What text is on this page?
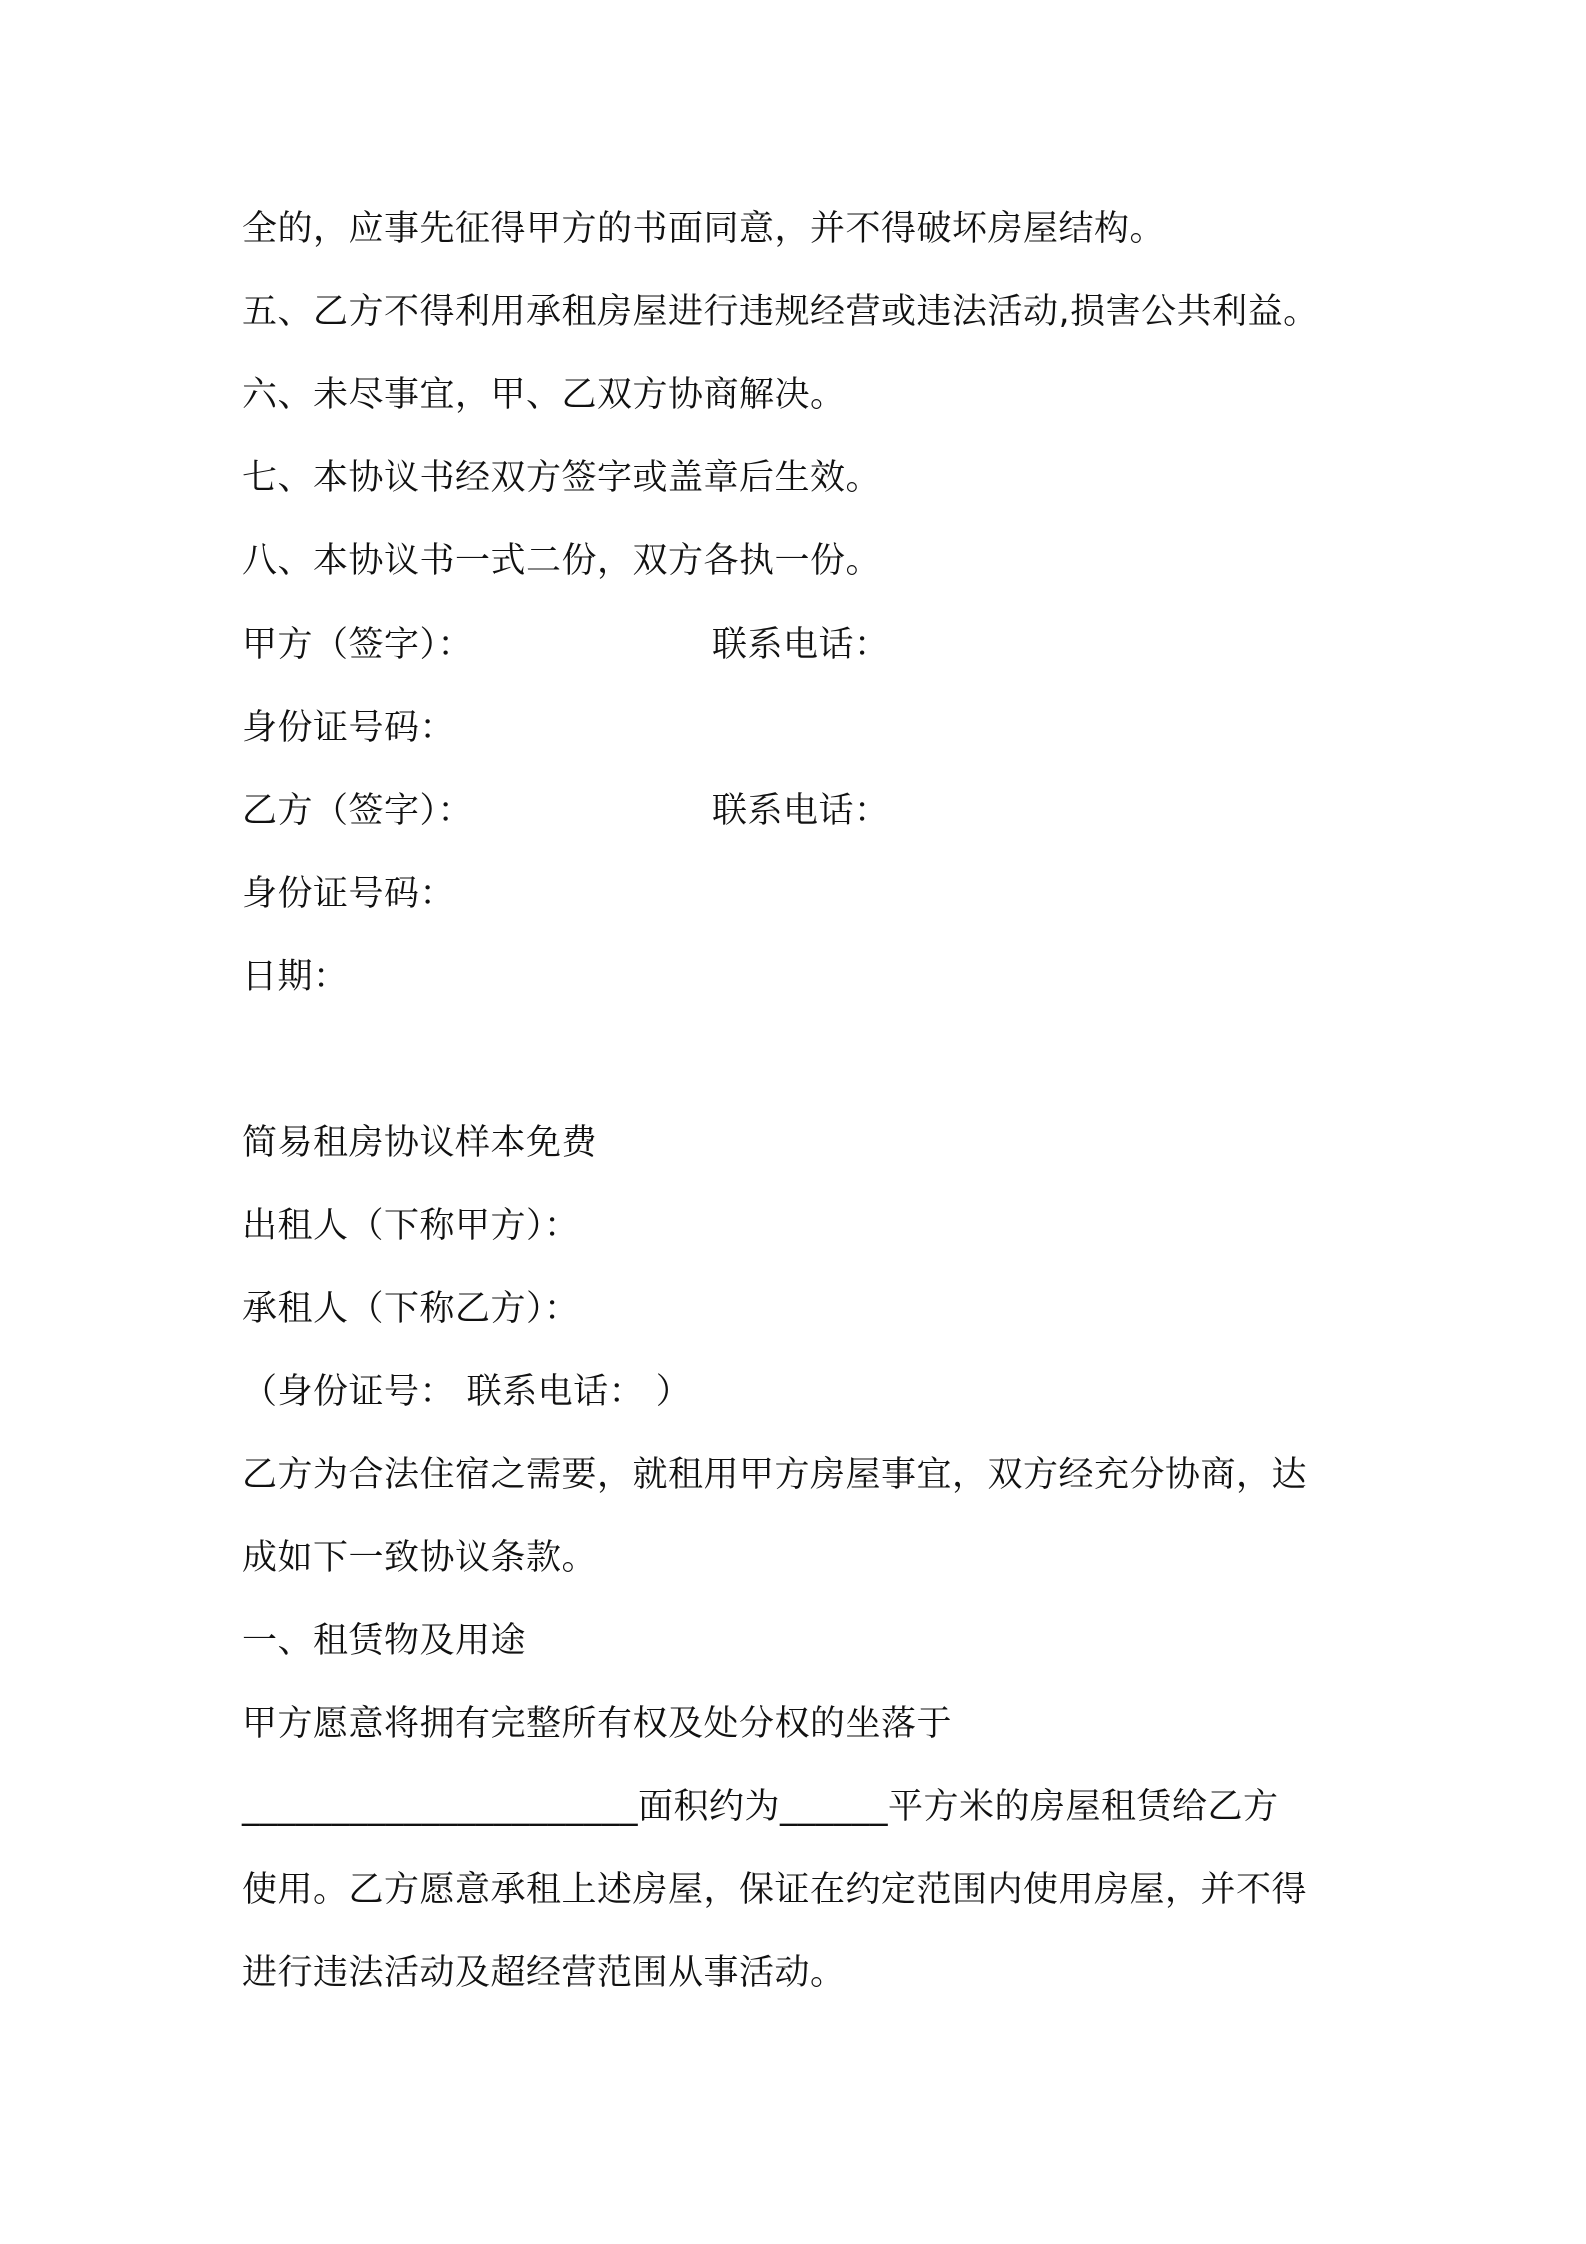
全的，应事先征得甲方的书面同意，并不得破坏房屋结构。
五、乙方不得利用承租房屋进行违规经营或违法活动,损害公共利益。
六、未尽事宜，甲、乙双方协商解决。
七、本协议书经双方签字或盖章后生效。
八、本协议书一式二份，双方各执一份。
甲方（签字）：	联系电话：
身份证号码：
乙方（签字）：	联系电话：
身份证号码：
日期：
简易租房协议样本免费
出租人（下称甲方）：
承租人（下称乙方）：
（身份证号： 联系电话： ）
乙方为合法住宿之需要，就租用甲方房屋事宜，双方经充分协商，达
成如下一致协议条款。
一、租赁物及用途
甲方愿意将拥有完整所有权及处分权的坐落于
______________________面积约为______平方米的房屋租赁给乙方
使用。乙方愿意承租上述房屋，保证在约定范围内使用房屋，并不得
进行违法活动及超经营范围从事活动。
